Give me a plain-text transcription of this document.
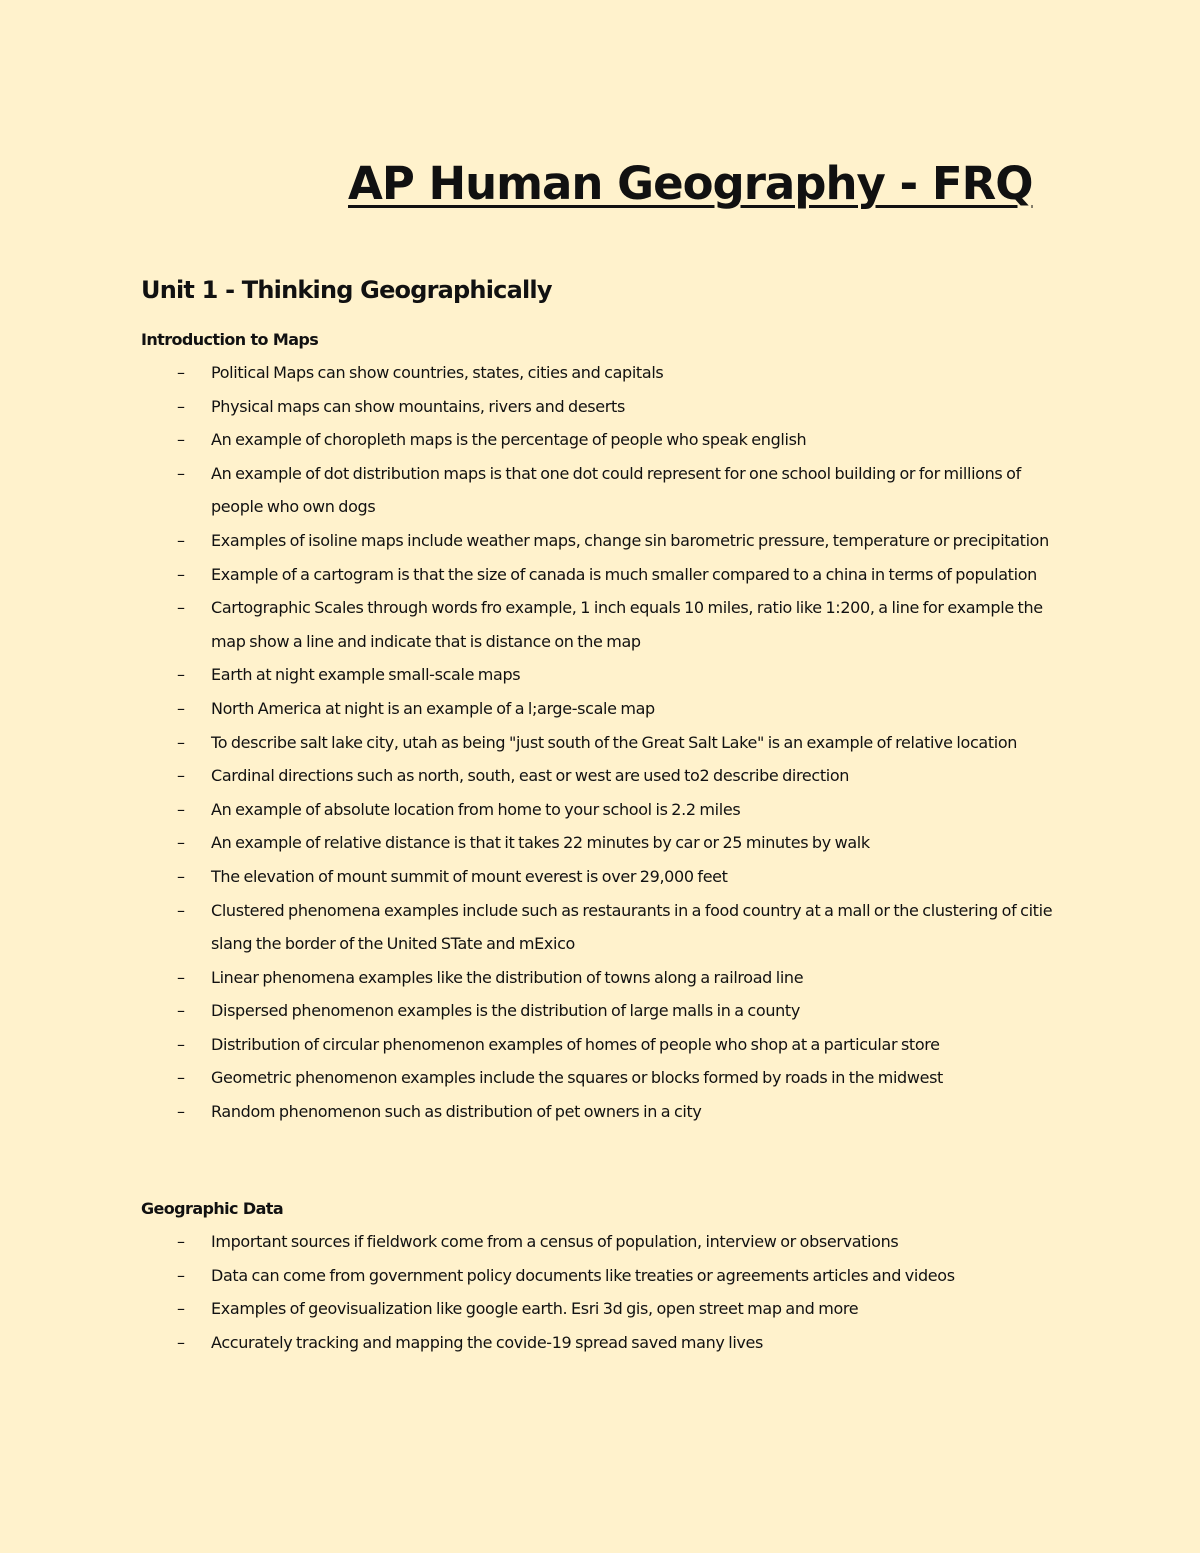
AP Human Geography - FRQ
Unit 1 - Thinking Geographically
Introduction to Maps
– Political Maps can show countries, states, cities and capitals
– Physical maps can show mountains, rivers and deserts
– An example of choropleth maps is the percentage of people who speak english
– An example of dot distribution maps is that one dot could represent for one school building or for millions of people who own dogs
– Examples of isoline maps include weather maps, change sin barometric pressure, temperature or precipitation
– Example of a cartogram is that the size of canada is much smaller compared to a china in terms of population
– Cartographic Scales through words fro example, 1 inch equals 10 miles, ratio like 1:200, a line for example the map show a line and indicate that is distance on the map
– Earth at night example small-scale maps
– North America at night is an example of a l;arge-scale map
– To describe salt lake city, utah as being "just south of the Great Salt Lake" is an example of relative location
– Cardinal directions such as north, south, east or west are used to2 describe direction
– An example of absolute location from home to your school is 2.2 miles
– An example of relative distance is that it takes 22 minutes by car or 25 minutes by walk
– The elevation of mount summit of mount everest is over 29,000 feet
– Clustered phenomena examples include such as restaurants in a food country at a mall or the clustering of citie slang the border of the United STate and mExico
– Linear phenomena examples like the distribution of towns along a railroad line
– Dispersed phenomenon examples is the distribution of large malls in a county
– Distribution of circular phenomenon examples of homes of people who shop at a particular store
– Geometric phenomenon examples include the squares or blocks formed by roads in the midwest
– Random phenomenon such as distribution of pet owners in a city
Geographic Data
– Important sources if fieldwork come from a census of population, interview or observations
– Data can come from government policy documents like treaties or agreements articles and videos
– Examples of geovisualization like google earth. Esri 3d gis, open street map and more
– Accurately tracking and mapping the covide-19 spread saved many lives
